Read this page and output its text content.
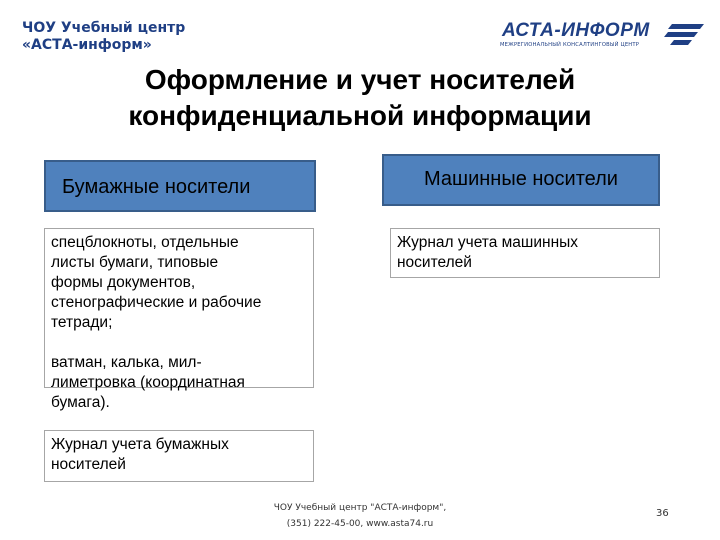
ЧОУ Учебный центр
«АСТА-информ»
АСТА-ИНФОРМ
МЕЖРЕГИОНАЛЬНЫЙ КОНСАЛТИНГОВЫЙ ЦЕНТР
Оформление и учет носителей
конфиденциальной информации
Бумажные носители	Машинные носители
спецблокноты, отдельные
листы бумаги, типовые
формы документов,
стенографические и рабочие
тетради;
ватман, калька, мил-
лиметровка (координатная
бумага).
Журнал учета машинных
носителей
Журнал учета бумажных
носителей
ЧОУ Учебный центр "АСТА-информ",
(351) 222-45-00, www.asta74.ru
36
